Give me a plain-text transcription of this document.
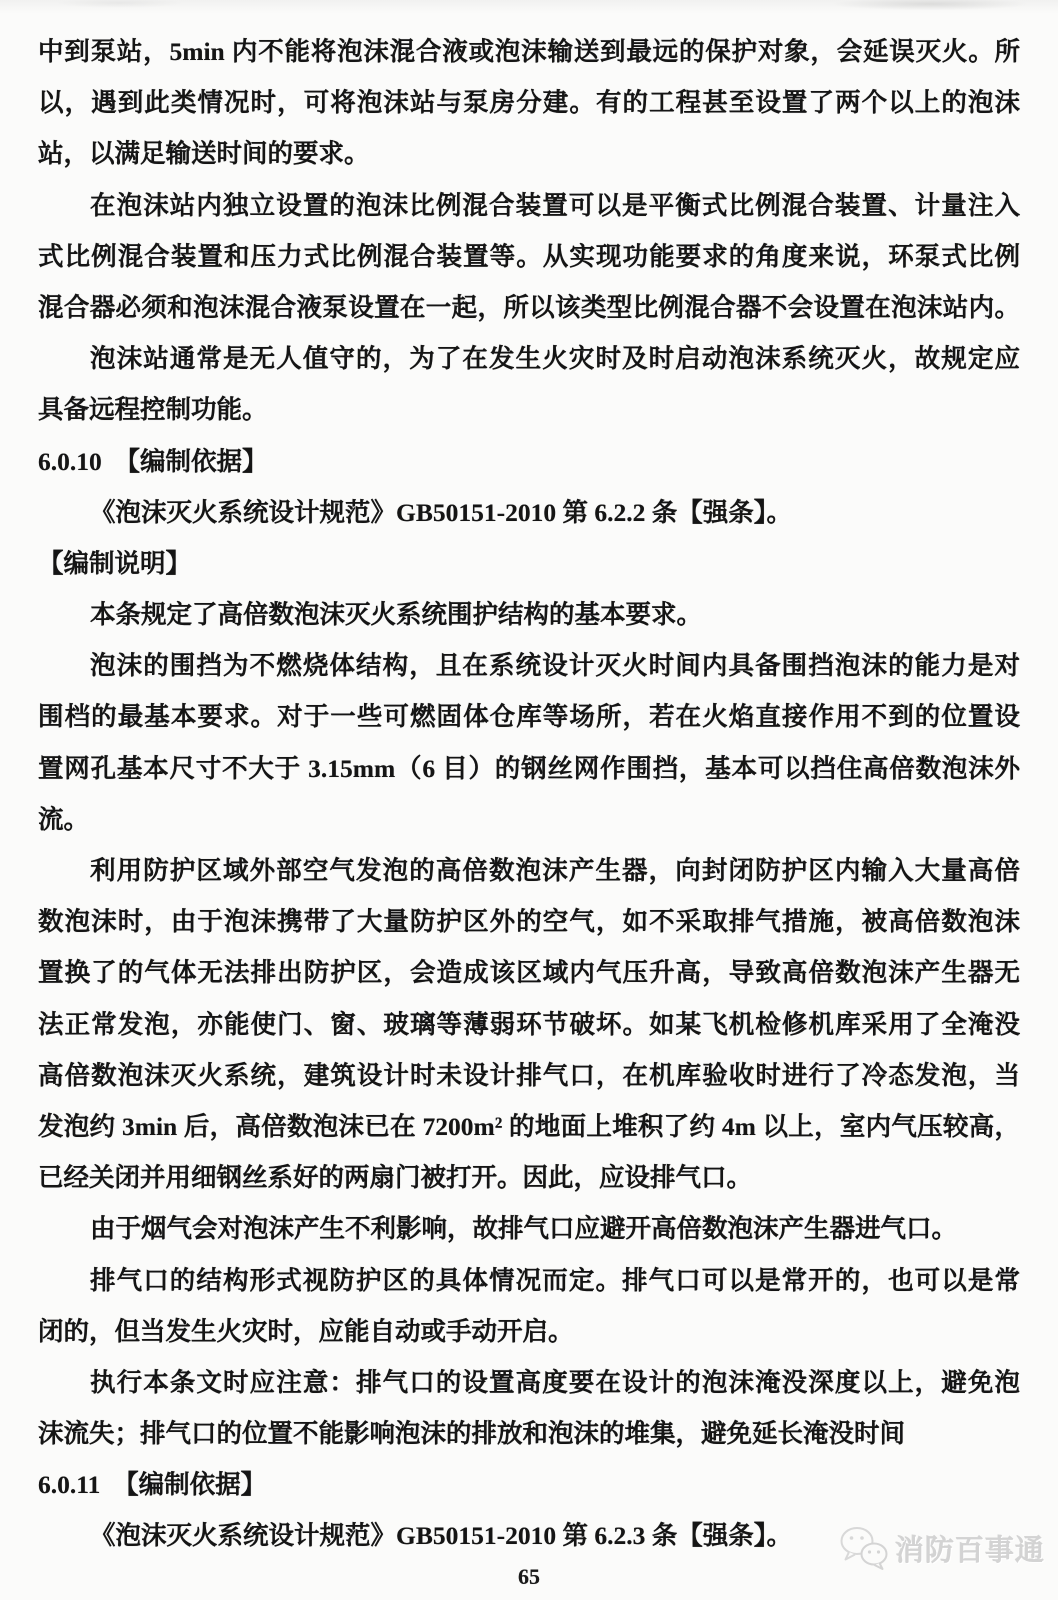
中到泵站，5min 内不能将泡沫混合液或泡沫输送到最远的保护对象，会延误灭火。所
以，遇到此类情况时，可将泡沫站与泵房分建。有的工程甚至设置了两个以上的泡沫
站，以满足输送时间的要求。
在泡沫站内独立设置的泡沫比例混合装置可以是平衡式比例混合装置、计量注入
式比例混合装置和压力式比例混合装置等。从实现功能要求的角度来说，环泵式比例
混合器必须和泡沫混合液泵设置在一起，所以该类型比例混合器不会设置在泡沫站内。
泡沫站通常是无人值守的，为了在发生火灾时及时启动泡沫系统灭火，故规定应
具备远程控制功能。
6.0.10　【编制依据】
《泡沫灭火系统设计规范》GB50151-2010 第 6.2.2 条【强条】。
【编制说明】
本条规定了高倍数泡沫灭火系统围护结构的基本要求。
泡沫的围挡为不燃烧体结构，且在系统设计灭火时间内具备围挡泡沫的能力是对
围档的最基本要求。对于一些可燃固体仓库等场所，若在火焰直接作用不到的位置设
置网孔基本尺寸不大于 3.15mm（6 目）的钢丝网作围挡，基本可以挡住高倍数泡沫外
流。
利用防护区域外部空气发泡的高倍数泡沫产生器，向封闭防护区内输入大量高倍
数泡沫时，由于泡沫携带了大量防护区外的空气，如不采取排气措施，被高倍数泡沫
置换了的气体无法排出防护区，会造成该区域内气压升高，导致高倍数泡沫产生器无
法正常发泡，亦能使门、窗、玻璃等薄弱环节破坏。如某飞机检修机库采用了全淹没
高倍数泡沫灭火系统，建筑设计时未设计排气口，在机库验收时进行了冷态发泡，当
发泡约 3min 后，高倍数泡沫已在 7200m² 的地面上堆积了约 4m 以上，室内气压较高，
已经关闭并用细钢丝系好的两扇门被打开。因此，应设排气口。
由于烟气会对泡沫产生不利影响，故排气口应避开高倍数泡沫产生器进气口。
排气口的结构形式视防护区的具体情况而定。排气口可以是常开的，也可以是常
闭的，但当发生火灾时，应能自动或手动开启。
执行本条文时应注意：排气口的设置高度要在设计的泡沫淹没深度以上，避免泡
沫流失；排气口的位置不能影响泡沫的排放和泡沫的堆集，避免延长淹没时间
6.0.11　【编制依据】
《泡沫灭火系统设计规范》GB50151-2010 第 6.2.3 条【强条】。	消防百事通
65
